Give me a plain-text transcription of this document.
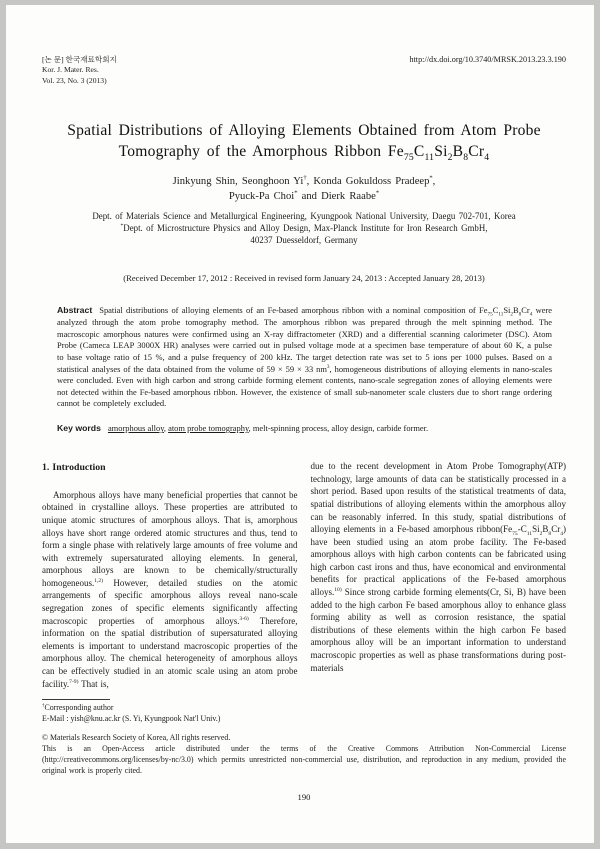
[논 문] 한국재료학회지
Kor. J. Mater. Res.
Vol. 23, No. 3 (2013)
http://dx.doi.org/10.3740/MRSK.2013.23.3.190
Spatial Distributions of Alloying Elements Obtained from Atom Probe
Tomography of the Amorphous Ribbon $Fe_{75}C_{11}Si_2B_8Cr_4$
Jinkyung Shin, Seonghoon Yi†, Konda Gokuldoss Pradeep*,
Pyuck-Pa Choi* and Dierk Raabe*
Dept. of Materials Science and Metallurgical Engineering, Kyungpook National University, Daegu 702-701, Korea
*Dept. of Microstructure Physics and Alloy Design, Max-Planck Institute for Iron Research GmbH,
40237 Duesseldorf, Germany
(Received December 17, 2012 : Received in revised form January 24, 2013 : Accepted January 28, 2013)
Abstract Spatial distributions of alloying elements of an Fe-based amorphous ribbon with a nominal composition of $Fe_{75}C_{11}Si_2B_8Cr_4$ were analyzed through the atom probe tomography method. The amorphous ribbon was prepared through the melt spinning method. The macroscopic amorphous natures were confirmed using an X-ray diffractometer (XRD) and a differential scanning calorimeter (DSC). Atom Probe (Cameca LEAP 3000X HR) analyses were carried out in pulsed voltage mode at a specimen base temperature of about 60 K, a pulse to base voltage ratio of 15 %, and a pulse frequency of 200 kHz. The target detection rate was set to 5 ions per 1000 pulses. Based on a statistical analyses of the data obtained from the volume of 59 × 59 × 33 $nm^3$, homogeneous distributions of alloying elements in nano-scales were concluded. Even with high carbon and strong carbide forming element contents, nano-scale segregation zones of alloying elements were not detected within the Fe-based amorphous ribbon. However, the existence of small sub-nanometer scale clusters due to short range ordering cannot be completely excluded.
Key words amorphous alloy, atom probe tomography, melt-spinning process, alloy design, carbide former.
1. Introduction
Amorphous alloys have many beneficial properties that cannot be obtained in crystalline alloys. These properties are attributed to unique atomic structures of amorphous alloys. That is, amorphous alloys have short range ordered atomic structures and thus, tend to form a single phase with relatively large amounts of free volume and with extremely supersaturated alloying elements. In general, amorphous alloys are known to be chemically/structurally homogeneous.$^{1,2)}$ However, detailed studies on the atomic arrangements of specific amorphous alloys reveal nano-scale segregation zones of specific elements significantly affecting macroscopic properties of amorphous alloys.$^{3-6)}$ Therefore, information on the spatial distribution of supersaturated alloying elements is important to understand macroscopic properties of the amorphous alloy. The chemical heterogeneity of amorphous alloys can be effectively studied in an atomic scale using an atom probe facility.$^{7-9)}$ That is,
due to the recent development in Atom Probe Tomography(ATP) technology, large amounts of data can be statistically processed in a short period. Based upon results of the statistical treatments of data, spatial distributions of alloying elements within the amorphous alloy can be reasonably inferred. In this study, spatial distributions of alloying elements in a Fe-based amorphous $ribbon(Fe_{75}-C_{11}Si_2B_8Cr_4)$ have been studied using an atom probe facility. The Fe-based amorphous alloys with high carbon contents can be fabricated using high carbon cast irons and thus, have economical and environmental benefits for practical applications of the Fe-based amorphous alloys.$^{10)}$ Since strong carbide forming elements(Cr, Si, B) have been added to the high carbon Fe based amorphous alloy to enhance glass forming ability as well as corrosion resistance, the spatial distributions of these elements within the high carbon Fe based amorphous alloy will be an important information to understand macroscopic properties as well as phase transformations during post-materials
†Corresponding author
E-Mail : yish@knu.ac.kr (S. Yi, Kyungpook Nat'l Univ.)
© Materials Research Society of Korea, All rights reserved.
This is an Open-Access article distributed under the terms of the Creative Commons Attribution Non-Commercial License (http://creativecommons.org/licenses/by-nc/3.0) which permits unrestricted non-commercial use, distribution, and reproduction in any medium, provided the original work is properly cited.
190
